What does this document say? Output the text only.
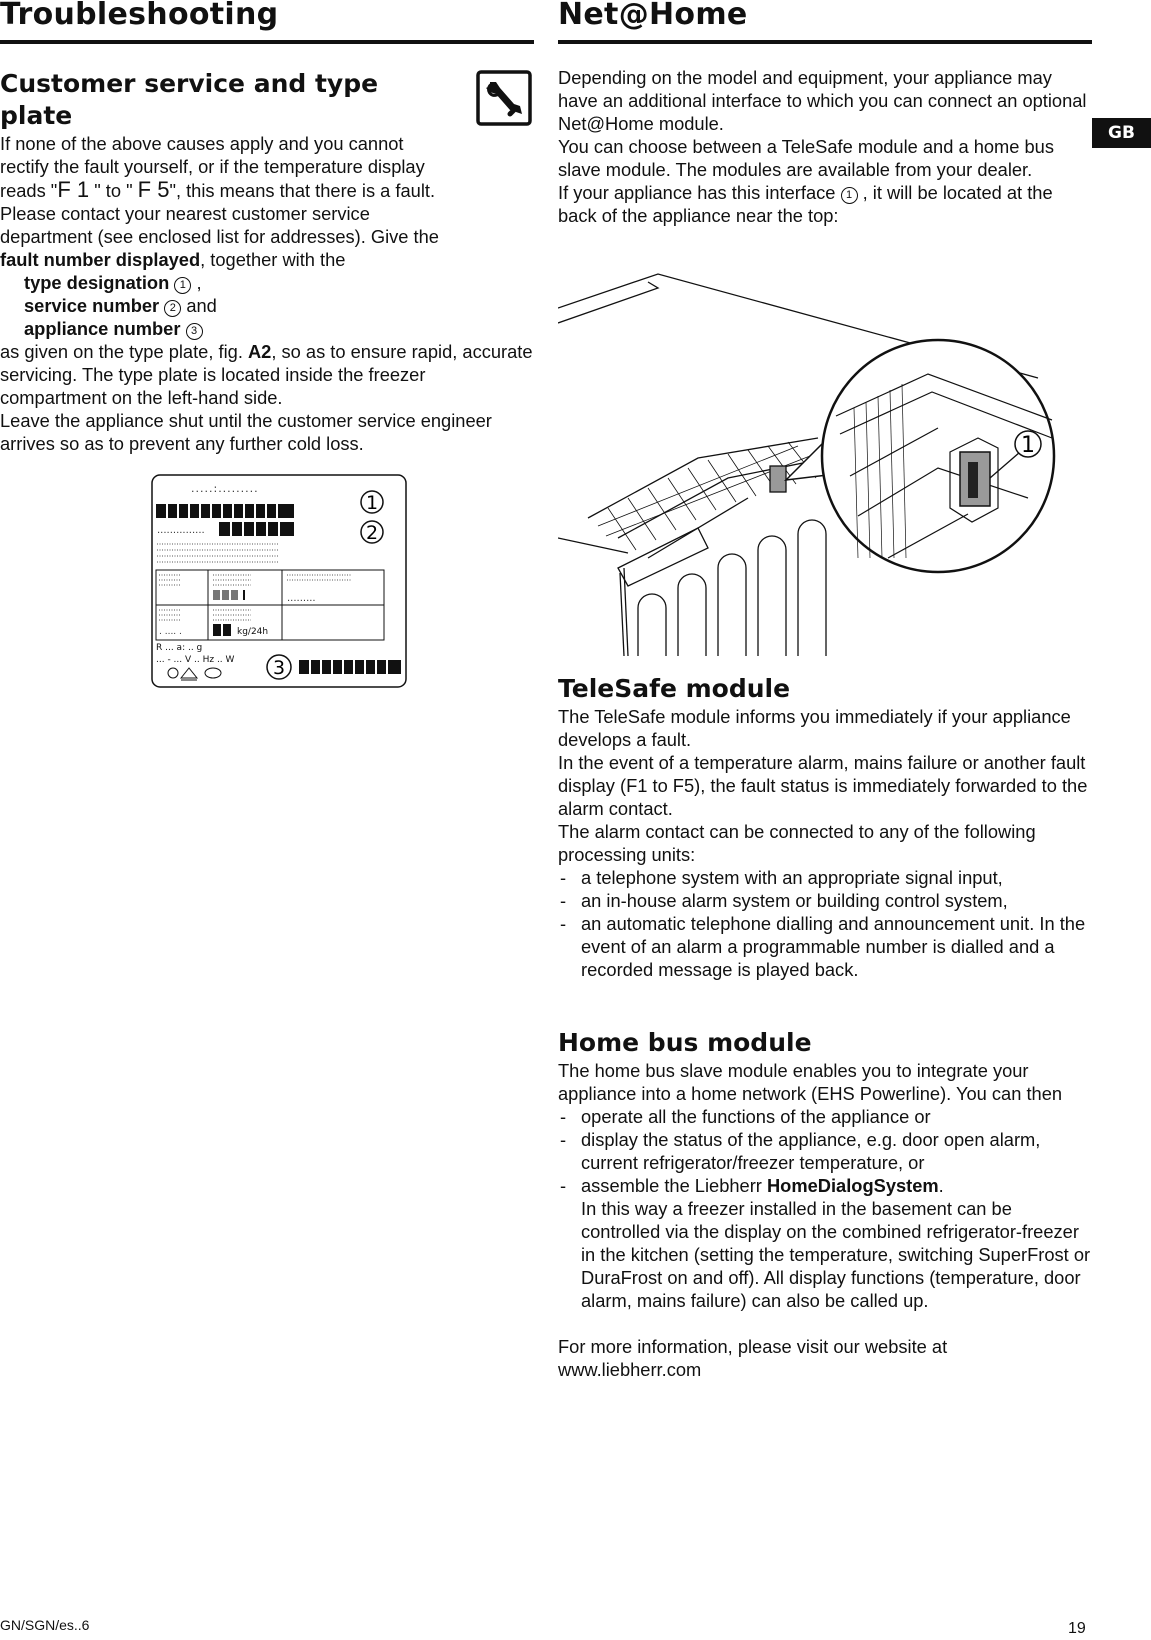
Troubleshooting
Customer service and type plate

If none of the above causes apply and you cannot rectify the fault yourself, or if the temperature display reads "F 1 " to " F 5", this means that there is a fault. Please contact your nearest customer service department (see enclosed list for addresses). Give the fault number displayed, together with the

type designation 1 ,

service number 2 and

appliance number 3

as given on the type plate, fig. A2, so as to ensure rapid, accurate servicing. The type plate is located inside the freezer compartment on the left-hand side.

Leave the appliance shut until the customer service engineer arrives so as to prevent any further cold loss.

.....:.........
...............
1
2
.........
. .... .	kg/24h
R ... a: .. g
... - ... V .. Hz .. W 3
Net@Home

Depending on the model and equipment, your appliance may have an additional interface to which you can connect an optional Net@Home module.

You can choose between a TeleSafe module and a home bus slave module. The modules are available from your dealer.

If your appliance has this interface 1 , it will be located at the back of the appliance near the top:

TeleSafe module

The TeleSafe module informs you immediately if your appliance develops a fault.

In the event of a temperature alarm, mains failure or another fault display (F1 to F5), the fault status is immediately forwarded to the alarm contact.

The alarm contact can be connected to any of the following processing units:

- a telephone system with an appropriate signal input,
- an in-house alarm system or building control system,
- an automatic telephone dialling and announcement unit. In the event of an alarm a programmable number is dialled and a recorded message is played back.
Home bus module

The home bus slave module enables you to integrate your appliance into a home network (EHS Powerline). You can then

- operate all the functions of the appliance or
- display the status of the appliance, e.g. door open alarm, current refrigerator/freezer temperature, or
- assemble the Liebherr HomeDialogSystem.
In this way a freezer installed in the basement can be controlled via the display on the combined refrigerator-freezer in the kitchen (setting the temperature, switching SuperFrost or DuraFrost on and off). All display functions (temperature, door alarm, mains failure) can also be called up.

For more information, please visit our website at www.liebherr.com

1
GB
GN/SGN/es..6	19
